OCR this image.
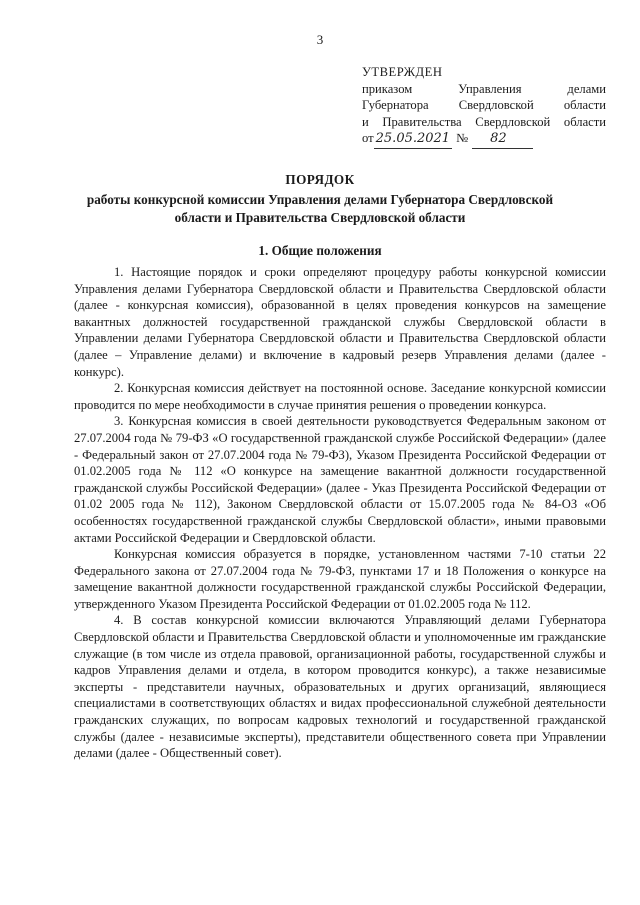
3
УТВЕРЖДЕН
приказом Управления делами
Губернатора Свердловской области
и Правительства Свердловской области
от 25.05.2021 №	82
ПОРЯДОК
работы конкурсной комиссии Управления делами Губернатора Свердловской области и Правительства Свердловской области
1. Общие положения

1. Настоящие порядок и сроки определяют процедуру работы конкурсной комиссии Управления делами Губернатора Свердловской области и Правительства Свердловской области (далее - конкурсная комиссия), образованной в целях проведения конкурсов на замещение вакантных должностей государственной гражданской службы Свердловской области в Управлении делами Губернатора Свердловской области и Правительства Свердловской области (далее – Управление делами) и включение в кадровый резерв Управления делами (далее - конкурс).

2. Конкурсная комиссия действует на постоянной основе. Заседание конкурсной комиссии проводится по мере необходимости в случае принятия решения о проведении конкурса.

3. Конкурсная комиссия в своей деятельности руководствуется Федеральным законом от 27.07.2004 года № 79-ФЗ «О государственной гражданской службе Российской Федерации» (далее - Федеральный закон от 27.07.2004 года № 79-ФЗ), Указом Президента Российской Федерации от 01.02.2005 года № 112 «О конкурсе на замещение вакантной должности государственной гражданской службы Российской Федерации» (далее - Указ Президента Российской Федерации от 01.02 2005 года № 112), Законом Свердловской области от 15.07.2005 года № 84-ОЗ «Об особенностях государственной гражданской службы Свердловской области», иными правовыми актами Российской Федерации и Свердловской области.

Конкурсная комиссия образуется в порядке, установленном частями 7-10 статьи 22 Федерального закона от 27.07.2004 года № 79-ФЗ, пунктами 17 и 18 Положения о конкурсе на замещение вакантной должности государственной гражданской службы Российской Федерации, утвержденного Указом Президента Российской Федерации от 01.02.2005 года № 112.

4. В состав конкурсной комиссии включаются Управляющий делами Губернатора Свердловской области и Правительства Свердловской области и уполномоченные им гражданские служащие (в том числе из отдела правовой, организационной работы, государственной службы и кадров Управления делами и отдела, в котором проводится конкурс), а также независимые эксперты - представители научных, образовательных и других организаций, являющиеся специалистами в соответствующих областях и видах профессиональной служебной деятельности гражданских служащих, по вопросам кадровых технологий и государственной гражданской службы (далее - независимые эксперты), представители общественного совета при Управлении делами (далее - Общественный совет).
